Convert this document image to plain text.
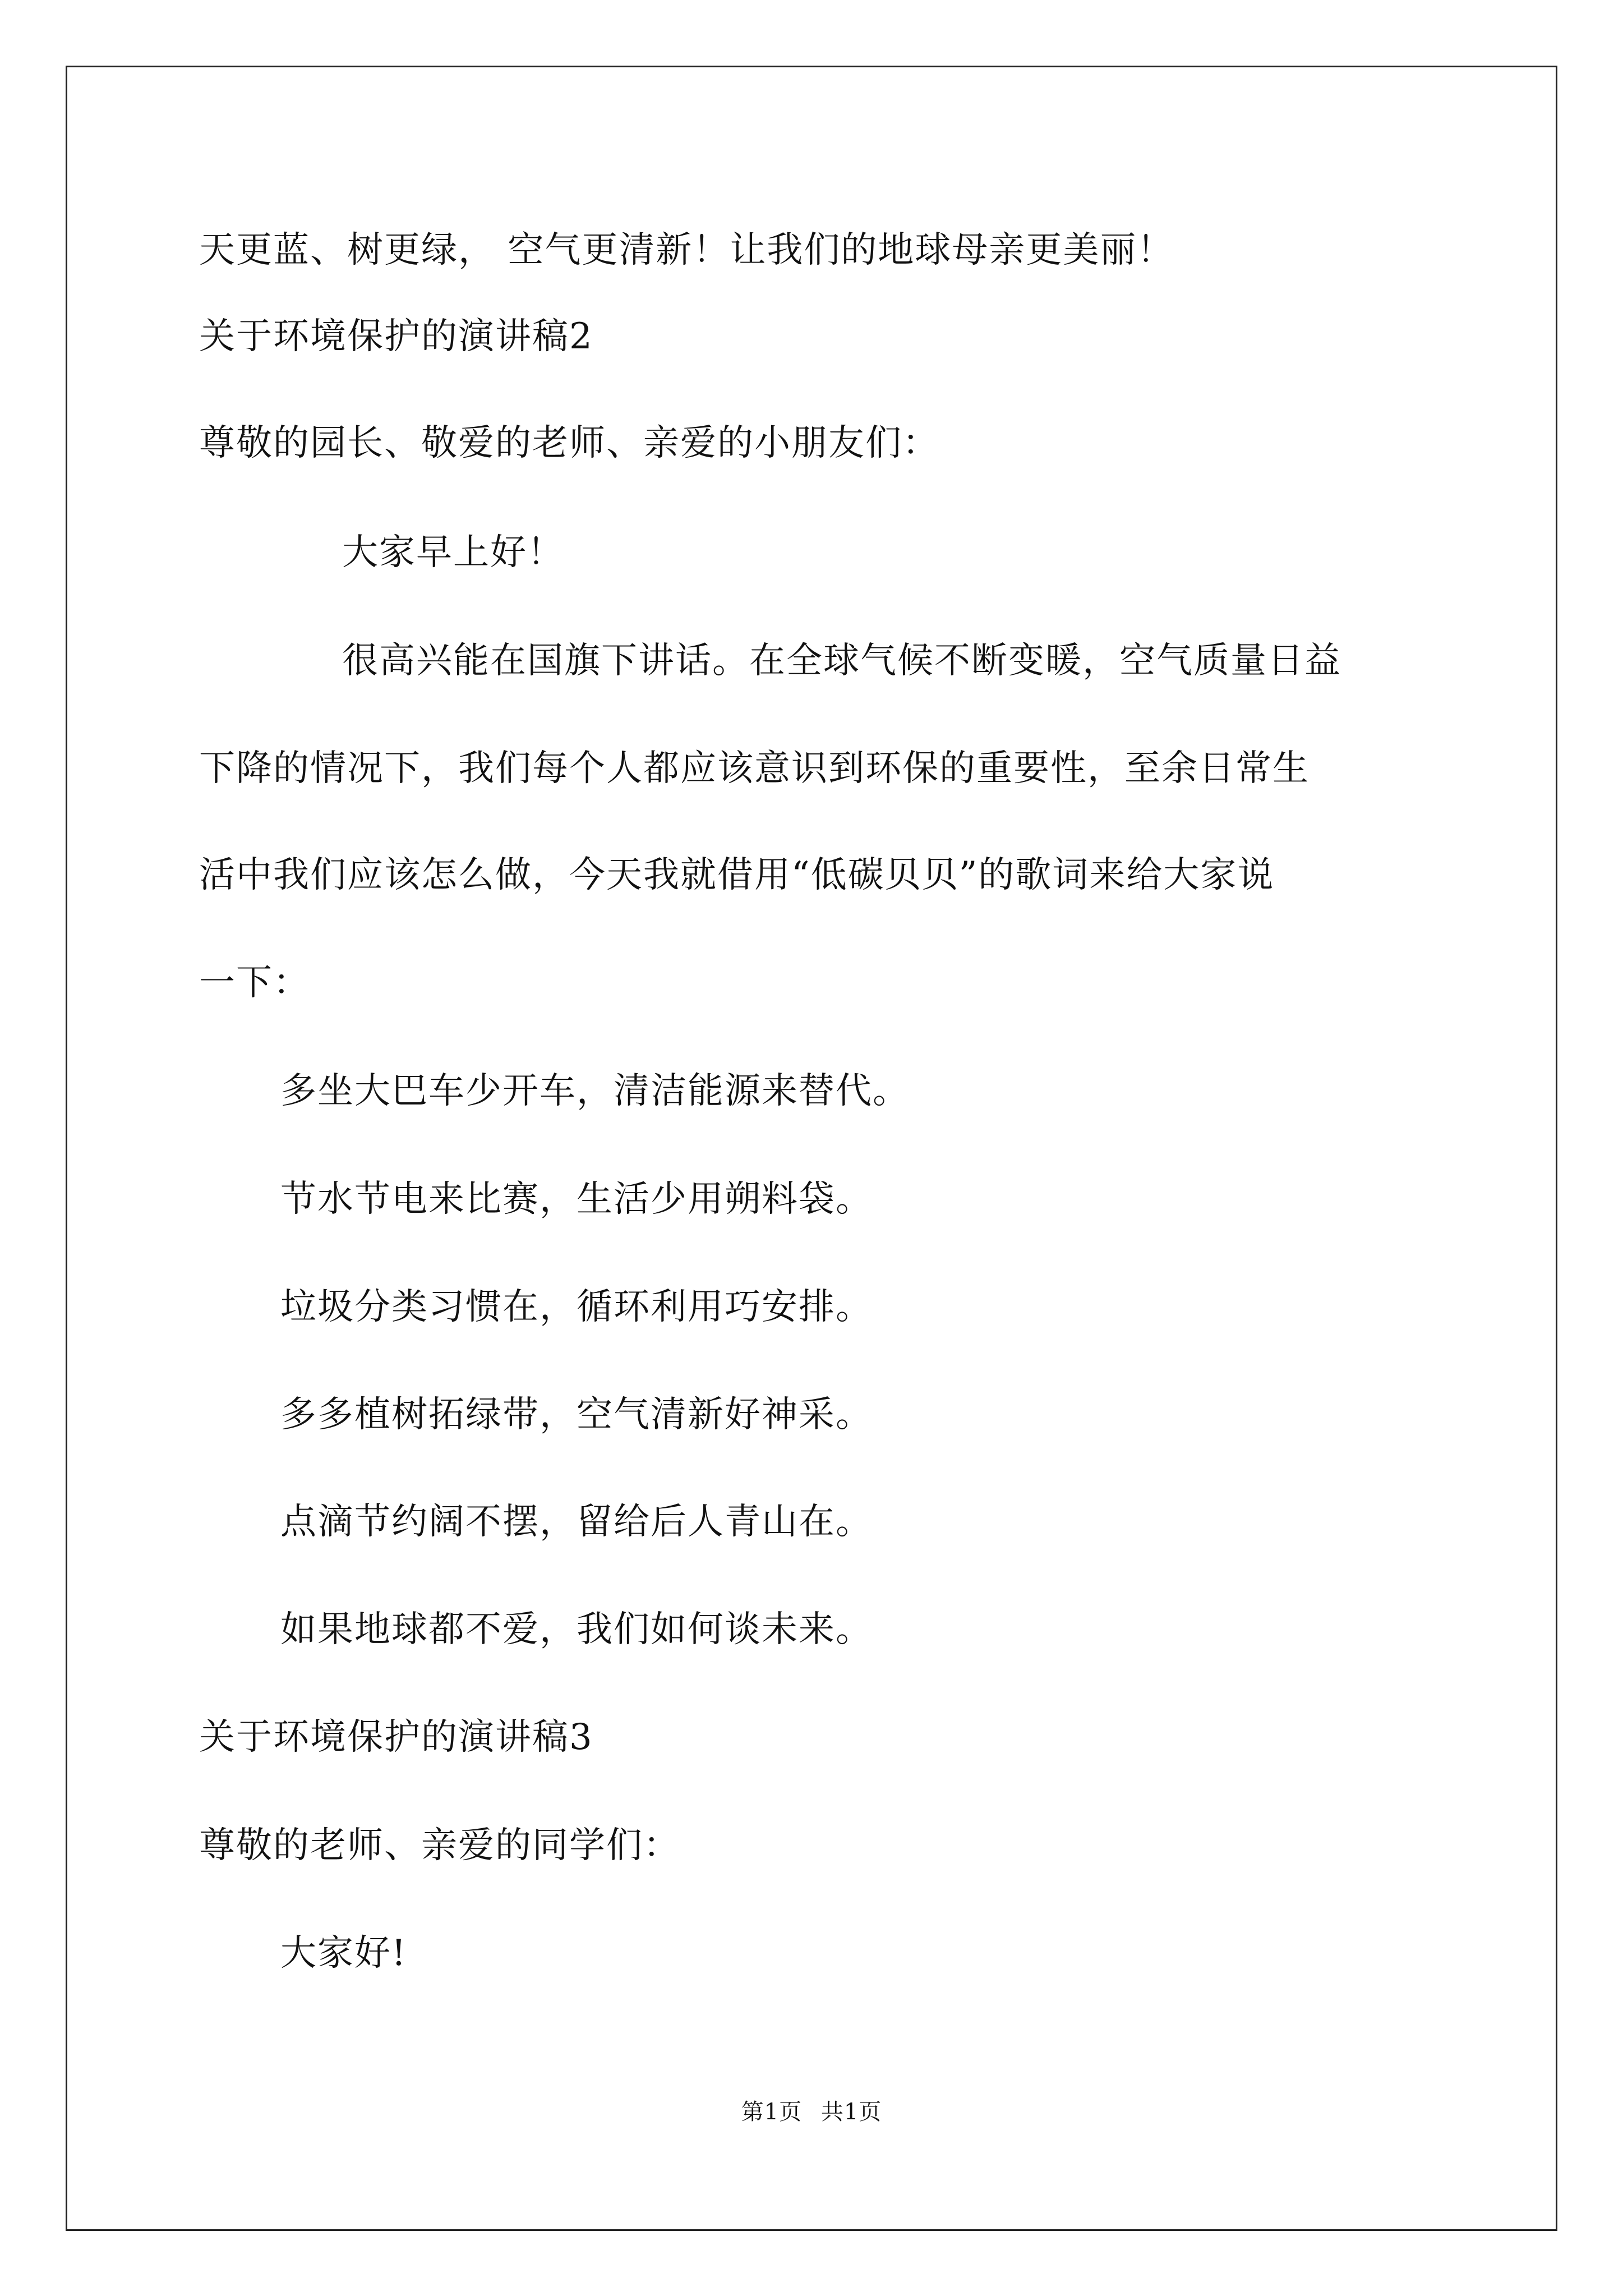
天更蓝、树更绿， 空气更清新！让我们的地球母亲更美丽！
关于环境保护的演讲稿2
尊敬的园长、敬爱的老师、亲爱的小朋友们：
大家早上好！
很高兴能在国旗下讲话。在全球气候不断变暖，空气质量日益
下降的情况下，我们每个人都应该意识到环保的重要性，至余日常生
活中我们应该怎么做，今天我就借用“低碳贝贝”的歌词来给大家说
一下：
多坐大巴车少开车，清洁能源来替代。
节水节电来比赛，生活少用朔料袋。
垃圾分类习惯在，循环利用巧安排。
多多植树拓绿带，空气清新好神采。
点滴节约阔不摆，留给后人青山在。
如果地球都不爱，我们如何谈未来。
关于环境保护的演讲稿3
尊敬的老师、亲爱的同学们：
大家好!
第1页 共1页
